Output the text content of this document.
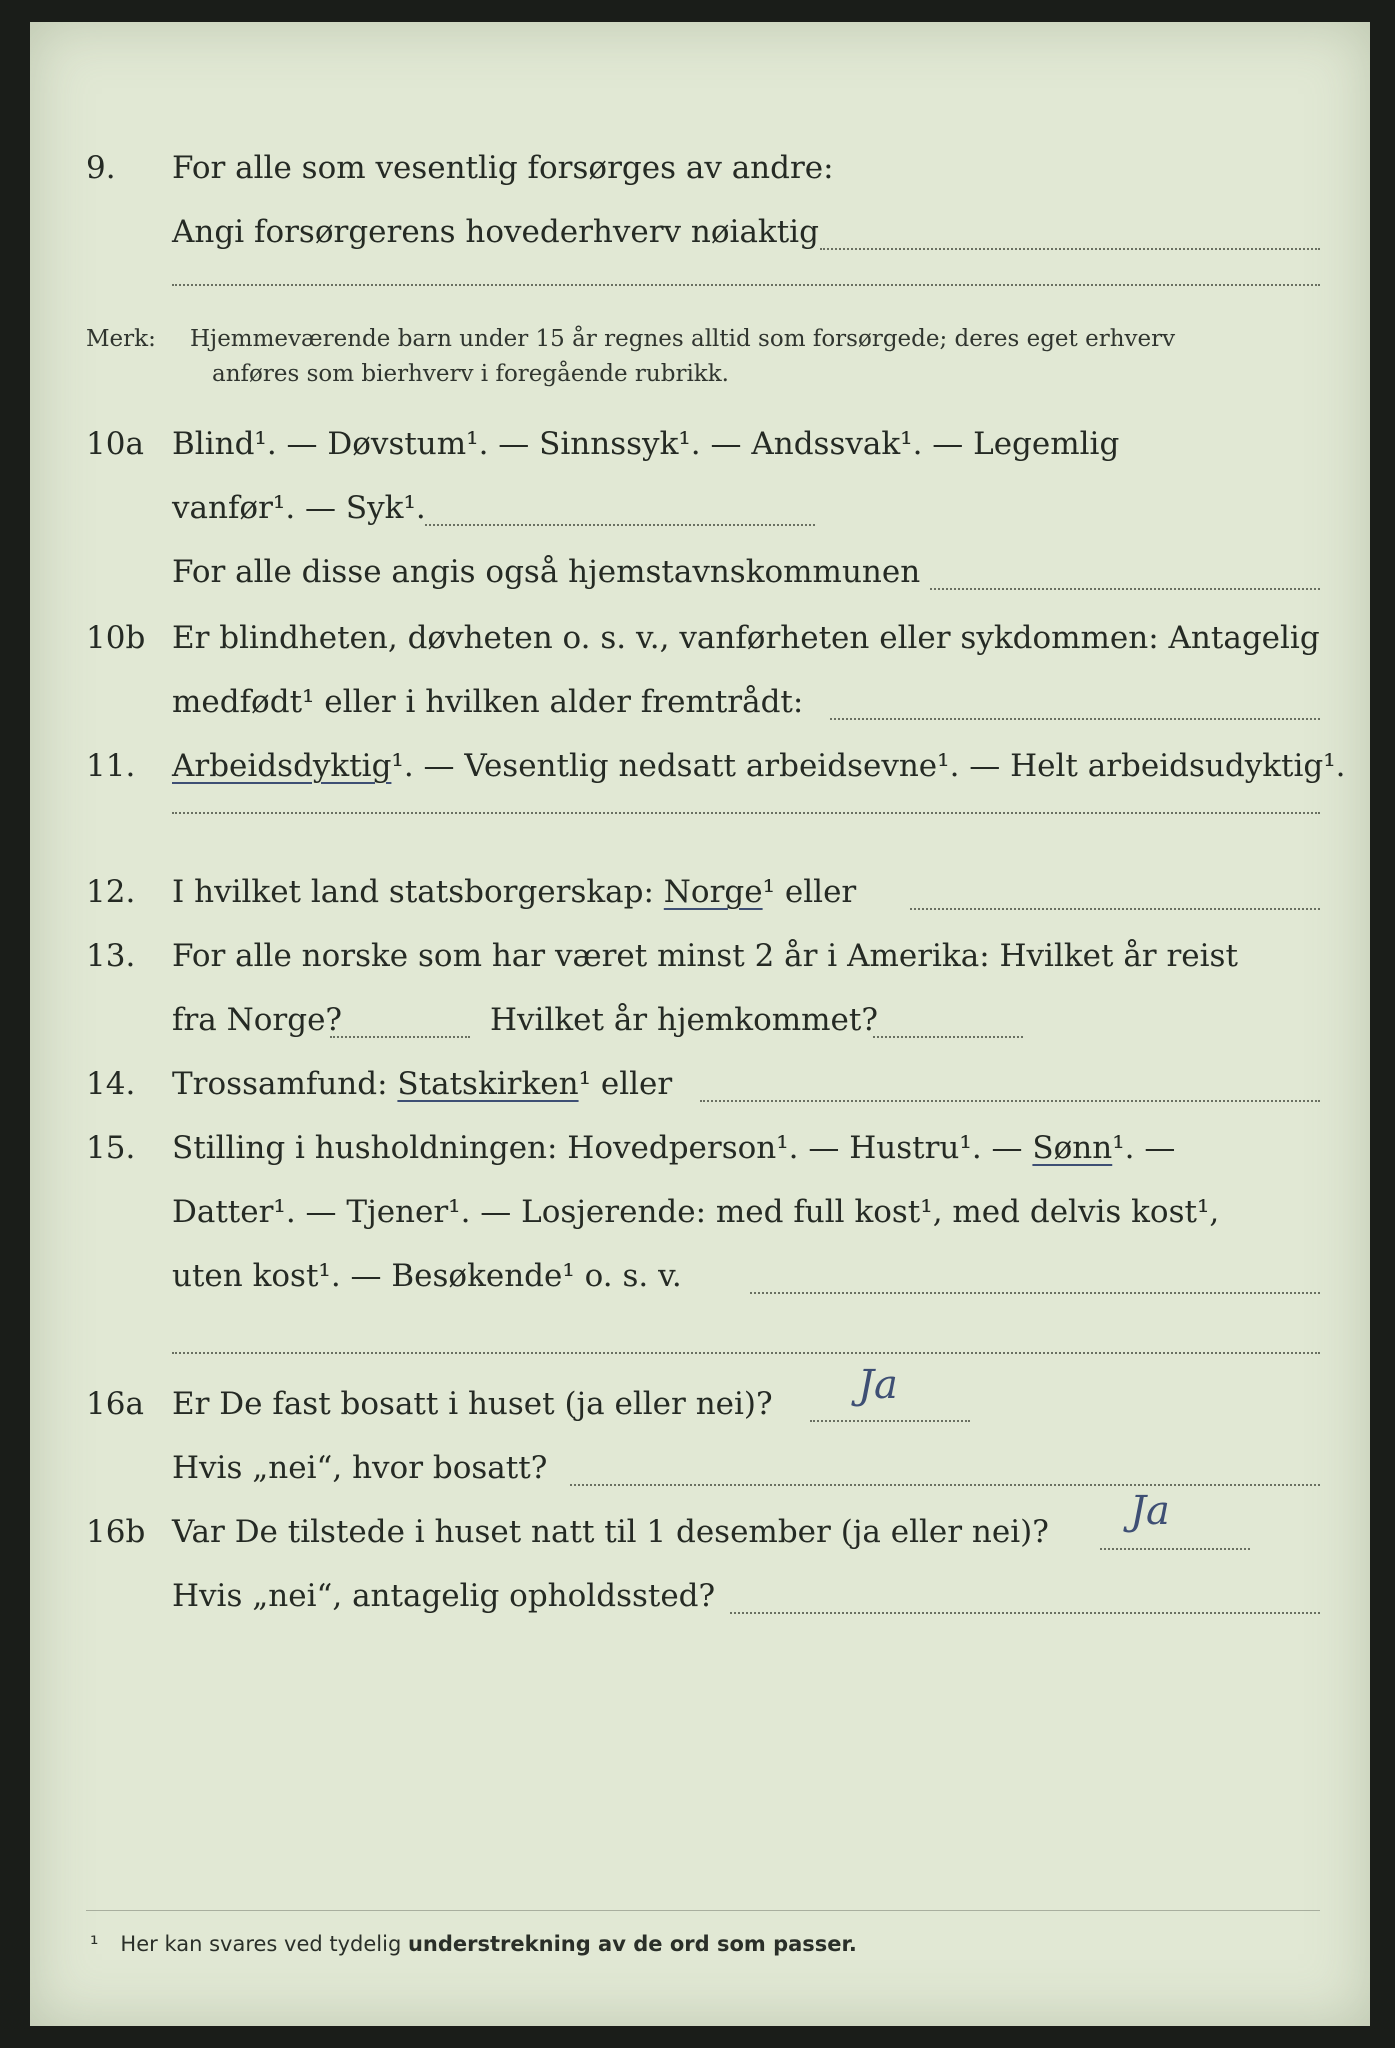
9. For alle som vesentlig forsørges av andre:
Angi forsørgerens hovederhverv nøiaktig
Merk: Hjemmeværende barn under 15 år regnes alltid som forsørgede; deres eget erhverv
anføres som bierhverv i foregående rubrikk.
10a Blind¹. — Døvstum¹. — Sinnssyk¹. — Andssvak¹. — Legemlig
vanfør¹. — Syk¹.
For alle disse angis også hjemstavnskommunen
10b Er blindheten, døvheten o. s. v., vanførheten eller sykdommen: Antagelig
medfødt¹ eller i hvilken alder fremtrådt:
11. Arbeidsdyktig¹. — Vesentlig nedsatt arbeidsevne¹. — Helt arbeidsudyktig¹.
12. I hvilket land statsborgerskap: Norge¹ eller
13. For alle norske som har været minst 2 år i Amerika: Hvilket år reist
fra Norge?	Hvilket år hjemkommet?
14. Trossamfund: Statskirken¹ eller
15. Stilling i husholdningen: Hovedperson¹. — Hustru¹. — Sønn¹. —
Datter¹. — Tjener¹. — Losjerende: med full kost¹, med delvis kost¹,
uten kost¹. — Besøkende¹ o. s. v.
16a Er De fast bosatt i huset (ja eller nei)? Ja
Hvis „nei“, hvor bosatt?
16b Var De tilstede i huset natt til 1 desember (ja eller nei)? Ja
Hvis „nei“, antagelig opholdssted?
¹ Her kan svares ved tydelig understrekning av de ord som passer.
